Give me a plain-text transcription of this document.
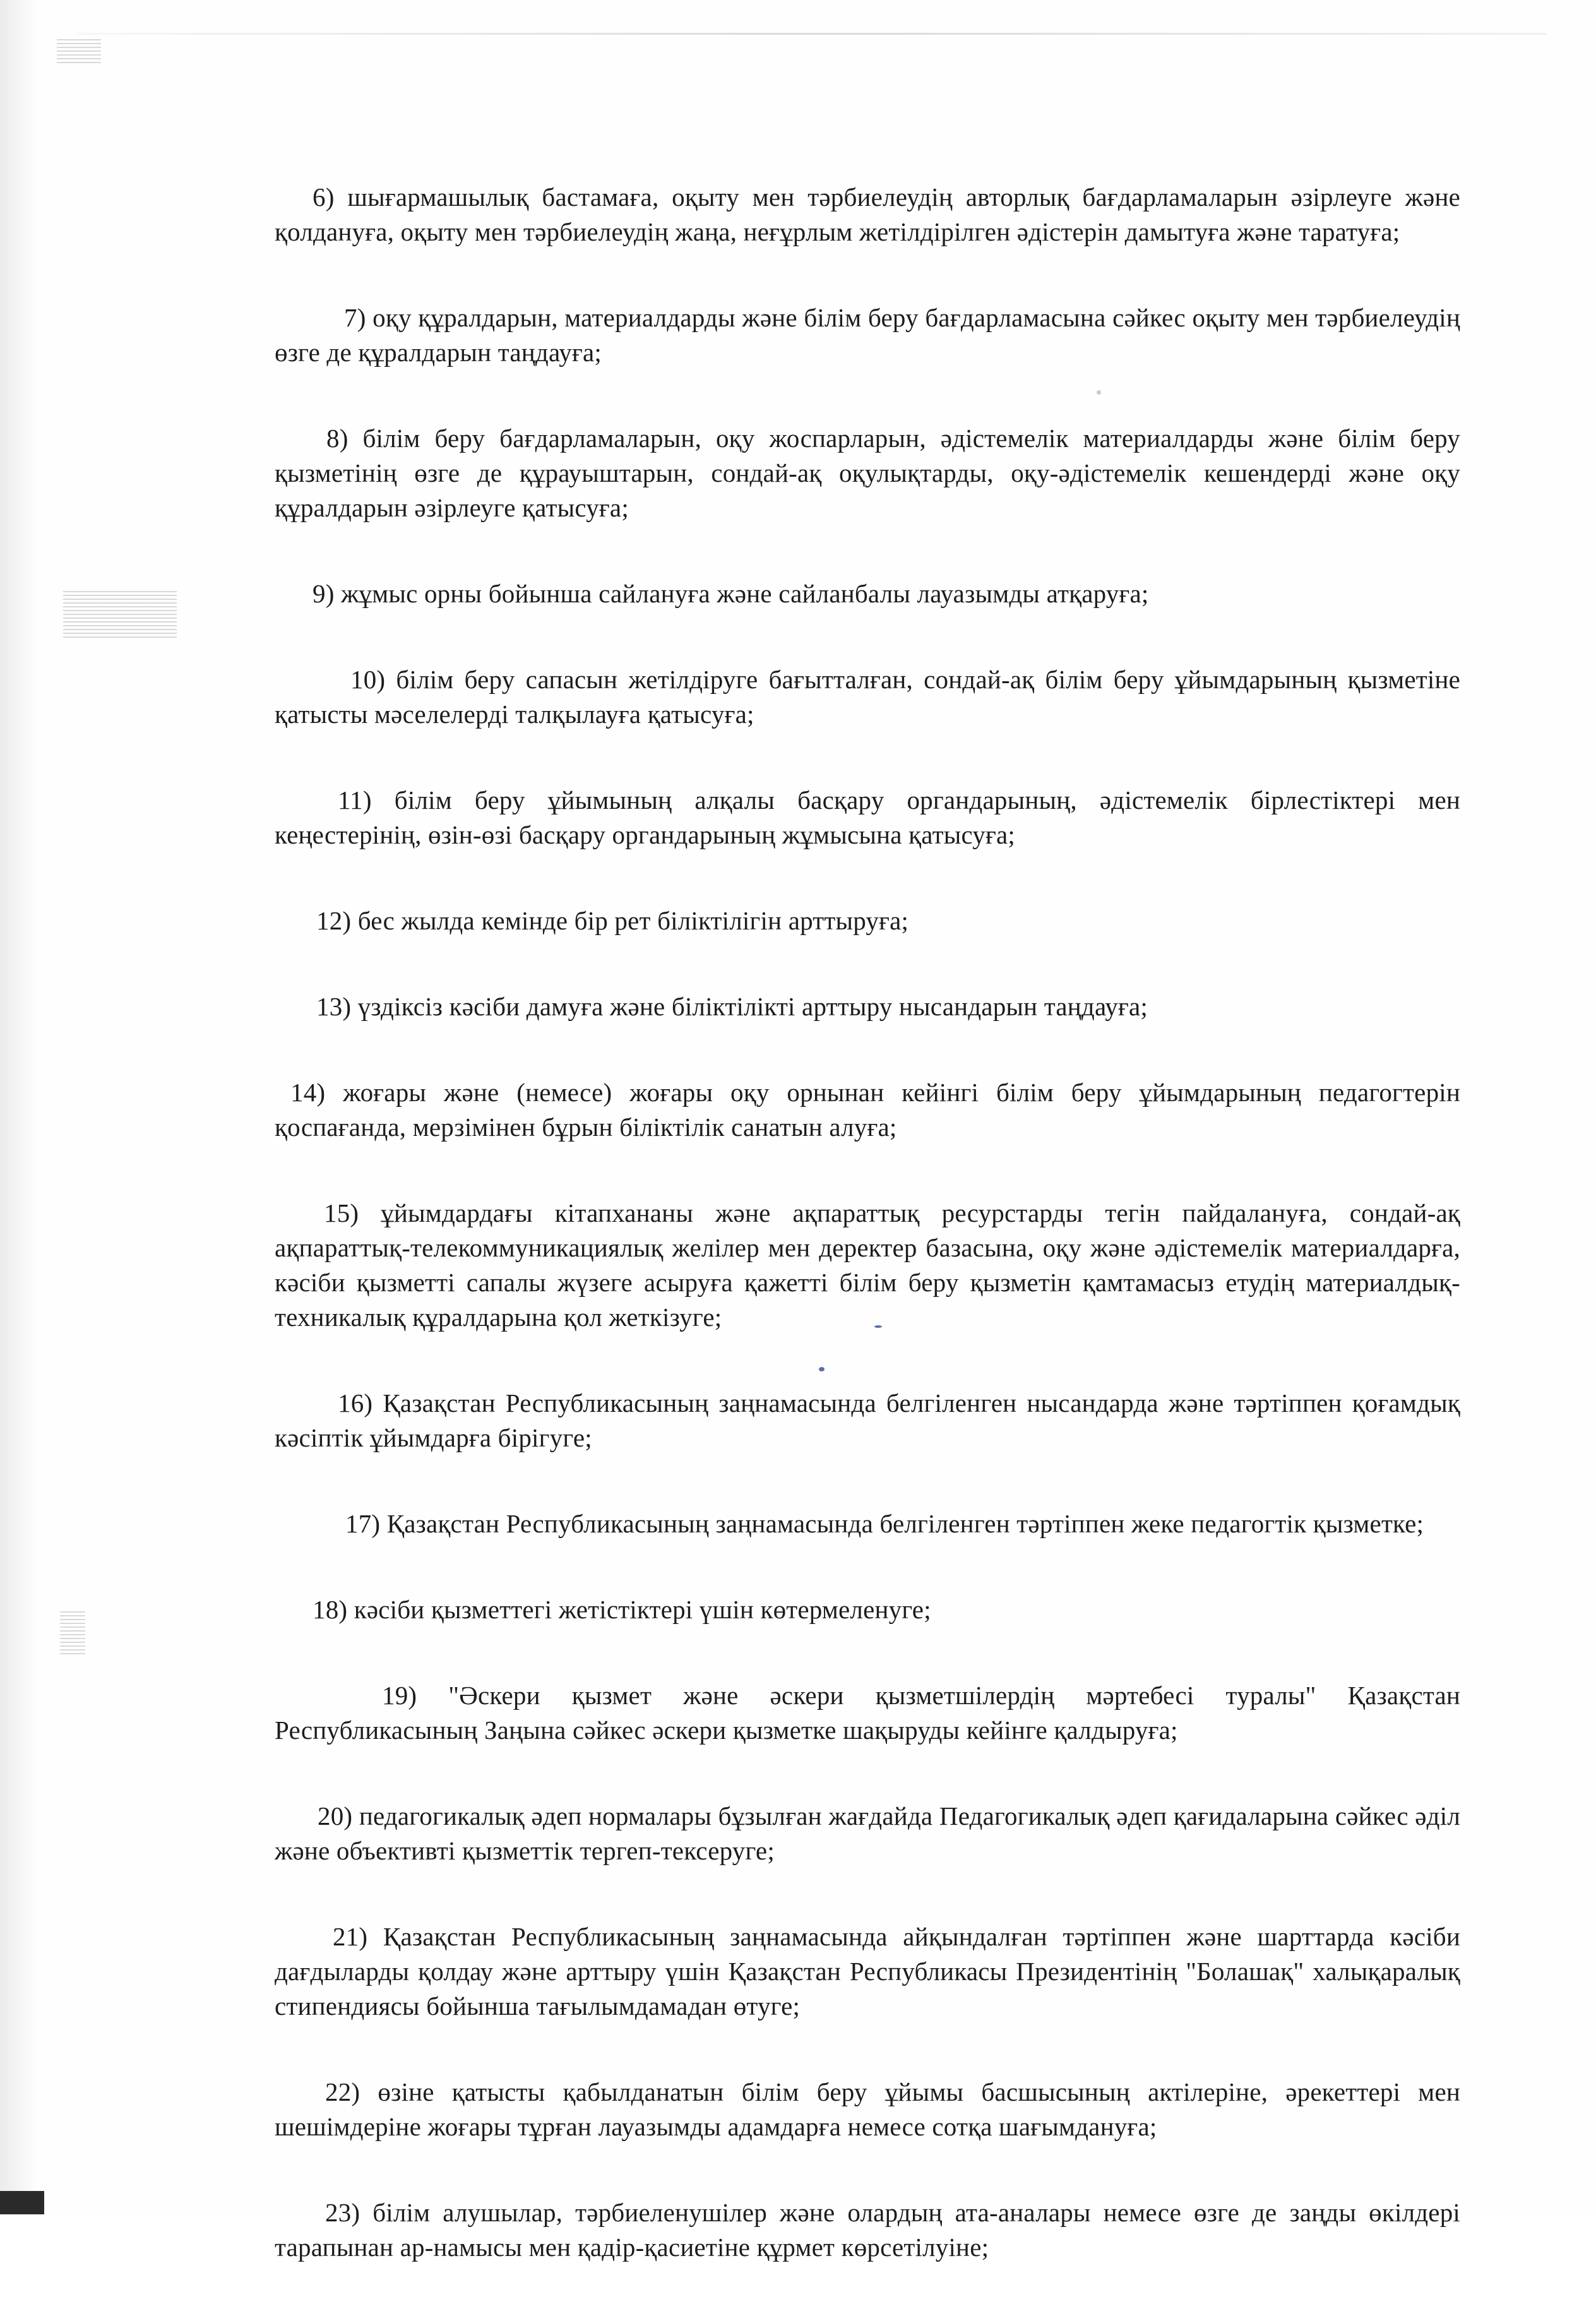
6) шығармашылық бастамаға, оқыту мен тәрбиелеудің авторлық бағдарламаларын әзірлеуге және қолдануға, оқыту мен тәрбиелеудің жаңа, неғұрлым жетілдірілген әдістерін дамытуға және таратуға;

7) оқу құралдарын, материалдарды және білім беру бағдарламасына сәйкес оқыту мен тәрбиелеудің өзге де құралдарын таңдауға;

8) білім беру бағдарламаларын, оқу жоспарларын, әдістемелік материалдарды және білім беру қызметінің өзге де құрауыштарын, сондай-ақ оқулықтарды, оқу-әдістемелік кешендерді және оқу құралдарын әзірлеуге қатысуға;

9) жұмыс орны бойынша сайлануға және сайланбалы лауазымды атқаруға;

10) білім беру сапасын жетілдіруге бағытталған, сондай-ақ білім беру ұйымдарының қызметіне қатысты мәселелерді талқылауға қатысуға;

11) білім беру ұйымының алқалы басқару органдарының, әдістемелік бірлестіктері мен кеңестерінің, өзін-өзі басқару органдарының жұмысына қатысуға;

12) бес жылда кемінде бір рет біліктілігін арттыруға;

13) үздіксіз кәсіби дамуға және біліктілікті арттыру нысандарын таңдауға;

14) жоғары және (немесе) жоғары оқу орнынан кейінгі білім беру ұйымдарының педагогтерін қоспағанда, мерзімінен бұрын біліктілік санатын алуға;

15) ұйымдардағы кітапхананы және ақпараттық ресурстарды тегін пайдалануға, сондай-ақ ақпараттық-телекоммуникациялық желілер мен деректер базасына, оқу және әдістемелік материалдарға, кәсіби қызметті сапалы жүзеге асыруға қажетті білім беру қызметін қамтамасыз етудің материалдық-техникалық құралдарына қол жеткізуге;

16) Қазақстан Республикасының заңнамасында белгіленген нысандарда және тәртіппен қоғамдық кәсіптік ұйымдарға бірігуге;

17) Қазақстан Республикасының заңнамасында белгіленген тәртіппен жеке педагогтік қызметке;

18) кәсіби қызметтегі жетістіктері үшін көтермеленуге;

19) "Әскери қызмет және әскери қызметшілердің мәртебесі туралы" Қазақстан Республикасының Заңына сәйкес әскери қызметке шақыруды кейінге қалдыруға;

20) педагогикалық әдеп нормалары бұзылған жағдайда Педагогикалық әдеп қағидаларына сәйкес әділ және объективті қызметтік тергеп-тексеруге;

21) Қазақстан Республикасының заңнамасында айқындалған тәртіппен және шарттарда кәсіби дағдыларды қолдау және арттыру үшін Қазақстан Республикасы Президентінің "Болашақ" халықаралық стипендиясы бойынша тағылымдамадан өтуге;

22) өзіне қатысты қабылданатын білім беру ұйымы басшысының актілеріне, әрекеттері мен шешімдеріне жоғары тұрған лауазымды адамдарға немесе сотқа шағымдануға;

23) білім алушылар, тәрбиеленушілер және олардың ата-аналары немесе өзге де заңды өкілдері тарапынан ар-намысы мен қадір-қасиетіне құрмет көрсетілуіне;
